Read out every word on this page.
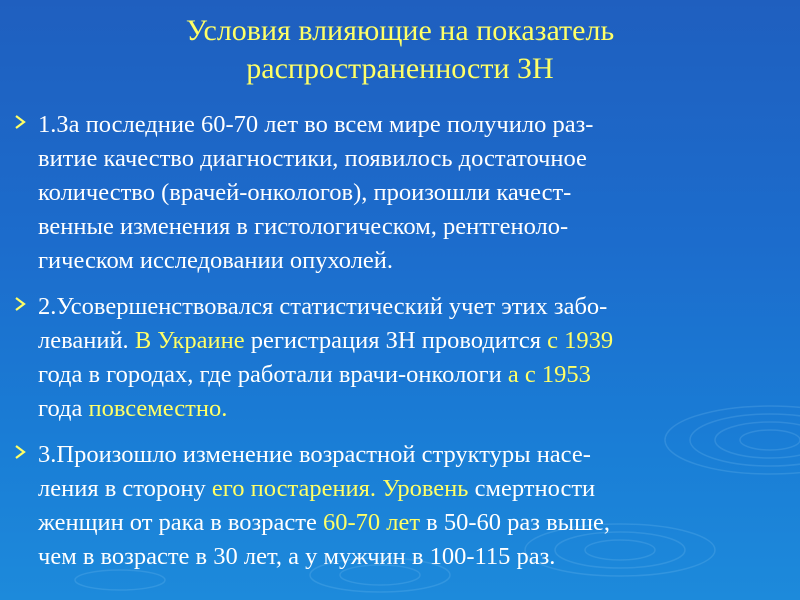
Условия влияющие на показатель
распространенности ЗН
1.За последние 60-70 лет во всем мире получило раз-
витие качество диагностики, появилось достаточное
количество (врачей-онкологов), произошли качест-
венные изменения в гистологическом, рентгеноло-
гическом исследовании опухолей.
2.Усовершенствовался статистический учет этих забо-
леваний. В Украине регистрация ЗН проводится с 1939
года в городах, где работали врачи-онкологи а с 1953
года повсеместно.
3.Произошло изменение возрастной структуры насе-
ления в сторону его постарения. Уровень смертности
женщин от рака в возрасте 60-70 лет в 50-60 раз выше,
чем в возрасте в 30 лет, а у мужчин в 100-115 раз.
